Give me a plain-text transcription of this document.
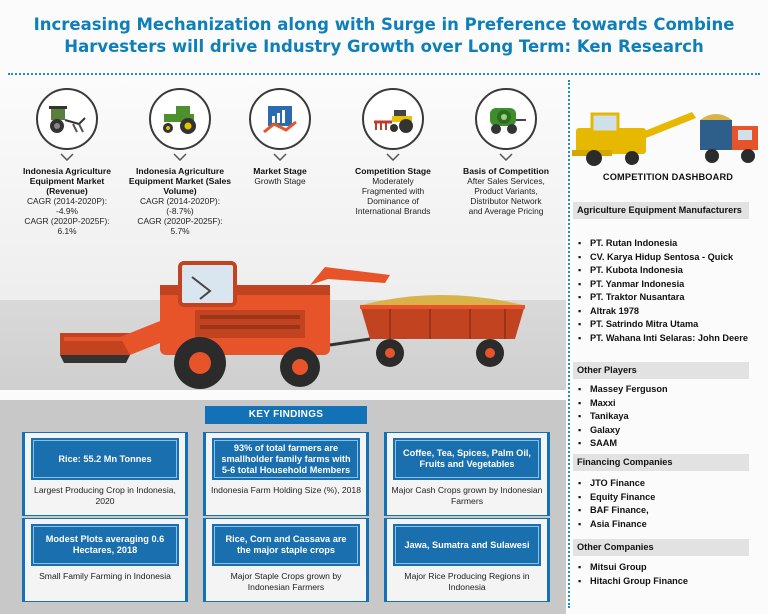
Increasing Mechanization along with Surge in Preference towards Combine
Harvesters will drive Industry Growth over Long Term: Ken Research
Indonesia Agriculture Equipment Market (Revenue)
CAGR (2014-2020P):
-4.9%
CAGR (2020P-2025F):
6.1%
Indonesia Agriculture Equipment Market (Sales Volume)
CAGR (2014-2020P):
(-8.7%)
CAGR (2020P-2025F):
5.7%
Market Stage
Growth Stage
Competition Stage
Moderately
Fragmented with
Dominance of
International Brands
Basis of Competition
After Sales Services,
Product Variants,
Distributor Network
and Average Pricing
KEY FINDINGS
Rice: 55.2 Mn Tonnes
Largest Producing Crop in Indonesia, 2020
93% of total farmers are smallholder family farms with 5-6 total Household Members
Indonesia Farm Holding Size (%), 2018
Coffee, Tea, Spices, Palm Oil, Fruits and Vegetables
Major Cash Crops grown by Indonesian Farmers
Modest Plots averaging 0.6 Hectares, 2018
Small Family Farming in Indonesia
Rice, Corn and Cassava are the major staple crops
Major Staple Crops grown by Indonesian Farmers
Jawa, Sumatra and Sulawesi
Major Rice Producing Regions in Indonesia
COMPETITION DASHBOARD
Agriculture Equipment Manufacturers
▪ PT. Rutan Indonesia
▪ CV. Karya Hidup Sentosa - Quick
▪ PT. Kubota Indonesia
▪ PT. Yanmar Indonesia
▪ PT. Traktor Nusantara
▪ Altrak 1978
▪ PT. Satrindo Mitra Utama
▪ PT. Wahana Inti Selaras: John Deere
Other Players
▪ Massey Ferguson
▪ Maxxi
▪ Tanikaya
▪ Galaxy
▪ SAAM
Financing Companies
▪ JTO Finance
▪ Equity Finance
▪ BAF Finance,
▪ Asia Finance
Other Companies
▪ Mitsui Group
▪ Hitachi Group Finance
